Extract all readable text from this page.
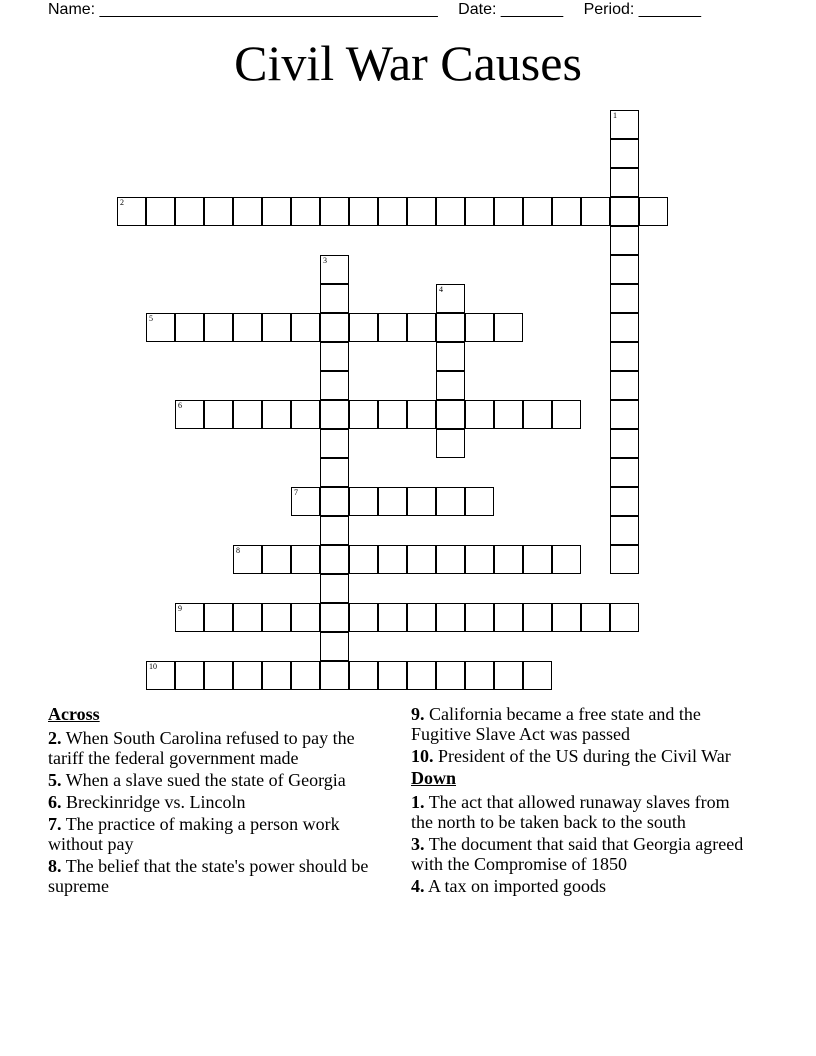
Name: ______________________________________ Date: _______ Period: _______
Civil War Causes
1
2
3
4
5
6
7
8
9
10
Across
2. When South Carolina refused to pay the tariff the federal government made
5. When a slave sued the state of Georgia
6. Breckinridge vs. Lincoln
7. The practice of making a person work without pay
8. The belief that the state's power should be supreme
9. California became a free state and the Fugitive Slave Act was passed
10. President of the US during the Civil War
Down
1. The act that allowed runaway slaves from the north to be taken back to the south
3. The document that said that Georgia agreed with the Compromise of 1850
4. A tax on imported goods
